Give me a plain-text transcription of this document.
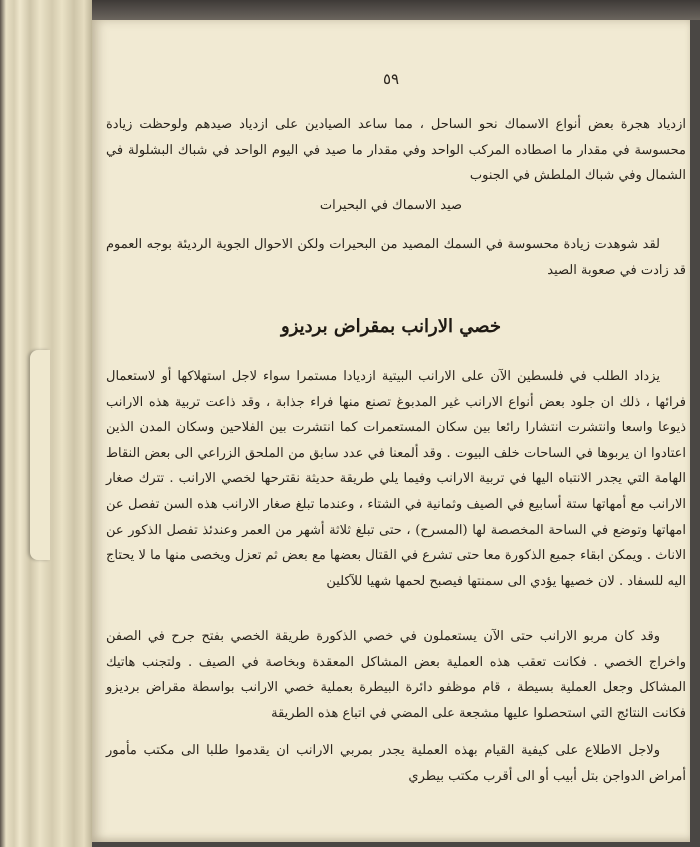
٥٩

ازدياد هجرة بعض أنواع الاسماك نحو الساحل ، مما ساعد الصيادين على ازدياد صيدهم ولوحظت زيادة محسوسة في مقدار ما اصطاده المركب الواحد وفي مقدار ما صيد في اليوم الواحد في شباك البشلولة في الشمال وفي شباك الملطش في الجنوب

صيد الاسماك في البحيرات

لقد شوهدت زيادة محسوسة في السمك المصيد من البحيرات ولكن الاحوال الجوية الرديئة بوجه العموم قد زادت في صعوبة الصيد

خصي الارانب بمقراض برديزو

يزداد الطلب في فلسطين الآن على الارانب البيتية ازديادا مستمرا سواء لاجل استهلاكها أو لاستعمال فرائها ، ذلك ان جلود بعض أنواع الارانب غير المدبوغ تصنع منها فراء جذابة ، وقد ذاعت تربية هذه الارانب ذيوعا واسعا وانتشرت انتشارا رائعا بين سكان المستعمرات كما انتشرت بين الفلاحين وسكان المدن الذين اعتادوا ان يربوها في الساحات خلف البيوت . وقد ألمعنا في عدد سابق من الملحق الزراعي الى بعض النقاط الهامة التي يجدر الانتباه اليها في تربية الارانب وفيما يلي طريقة حديثة نقترحها لخصي الارانب . تترك صغار الارانب مع أمهاتها ستة أسابيع في الصيف وثمانية في الشتاء ، وعندما تبلغ صغار الارانب هذه السن تفصل عن امهاتها وتوضع في الساحة المخصصة لها (المسرح) ، حتى تبلغ ثلاثة أشهر من العمر وعندئذ تفصل الذكور عن الاناث . ويمكن ابقاء جميع الذكورة معا حتى تشرع في القتال بعضها مع بعض ثم تعزل ويخصى منها ما لا يحتاج اليه للسفاد . لان خصيها يؤدي الى سمنتها فيصبح لحمها شهيا للآكلين

وقد كان مربو الارانب حتى الآن يستعملون في خصي الذكورة طريقة الخصي بفتح جرح في الصفن واخراج الخصي . فكانت تعقب هذه العملية بعض المشاكل المعقدة وبخاصة في الصيف . ولتجنب هاتيك المشاكل وجعل العملية بسيطة ، قام موظفو دائرة البيطرة بعملية خصي الارانب بواسطة مقراض برديزو فكانت النتائج التي استحصلوا عليها مشجعة على المضي في اتباع هذه الطريقة

ولاجل الاطلاع على كيفية القيام بهذه العملية يجدر بمربي الارانب ان يقدموا طلبا الى مكتب مأمور أمراض الدواجن بتل أبيب أو الى أقرب مكتب بيطري
